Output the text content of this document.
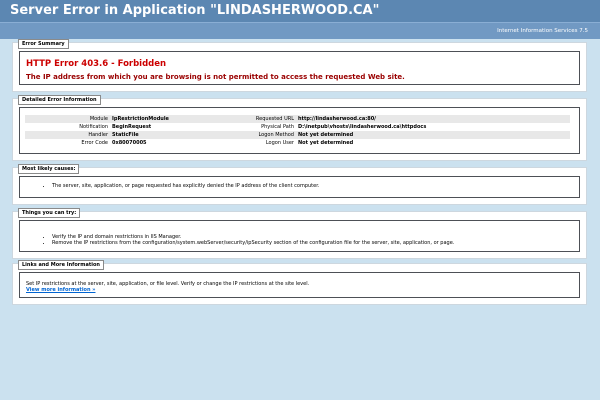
Server Error in Application "LINDASHERWOOD.CA"
Internet Information Services 7.5
HTTP Error 403.6 - Forbidden
The IP address from which you are browsing is not permitted to access the requested Web site.
Error Summary
Module	IpRestrictionModule	Requested URL	http://lindasherwood.ca:80/
Notification	BeginRequest	Physical Path	D:\inetpub\vhosts\lindasherwood.ca\httpdocs
Handler	StaticFile	Logon Method	Not yet determined
Error Code	0x80070005	Logon User	Not yet determined
Detailed Error Information
• The server, site, application, or page requested has explicitly denied the IP address of the client computer.
Most likely causes:
• Verify the IP and domain restrictions in IIS Manager.
• Remove the IP restrictions from the configuration/system.webServer/security/ipSecurity section of the configuration file for the server, site, application, or page.
Things you can try:
Set IP restrictions at the server, site, application, or file level. Verify or change the IP restrictions at the site level.
View more information »
Links and More Information
